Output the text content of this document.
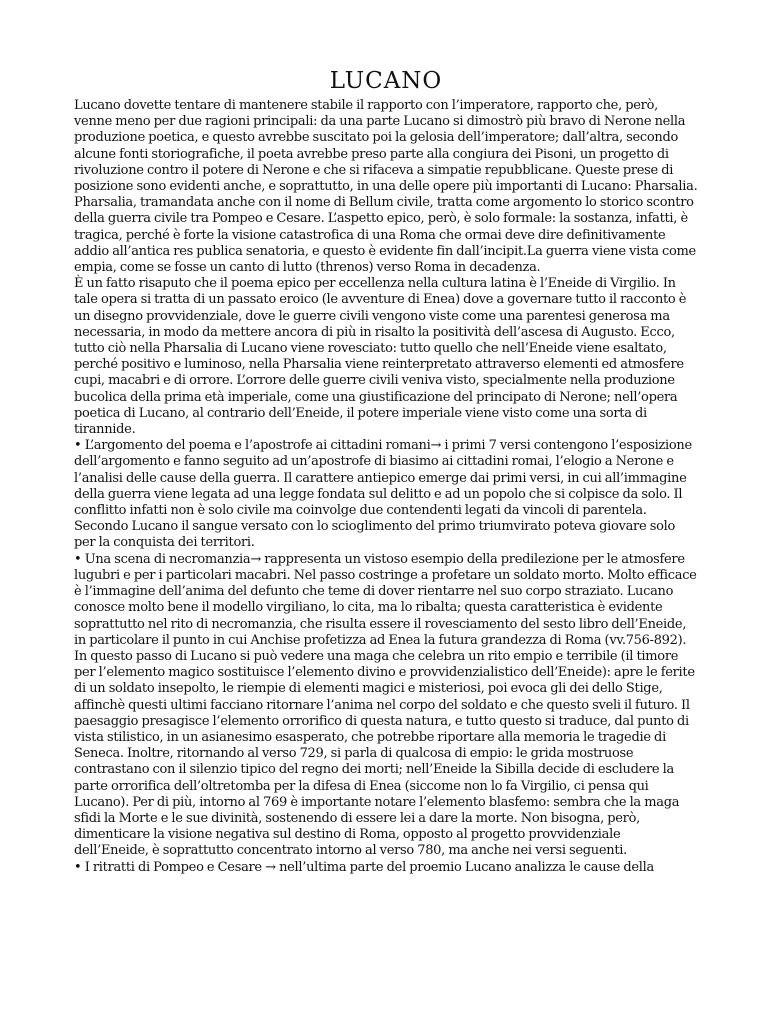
LUCANO

Lucano dovette tentare di mantenere stabile il rapporto con l’imperatore, rapporto che, però, venne meno per due ragioni principali: da una parte Lucano si dimostrò più bravo di Nerone nella produzione poetica, e questo avrebbe suscitato poi la gelosia dell’imperatore; dall’altra, secondo alcune fonti storiografiche, il poeta avrebbe preso parte alla congiura dei Pisoni, un progetto di rivoluzione contro il potere di Nerone e che si rifaceva a simpatie repubblicane. Queste prese di posizione sono evidenti anche, e soprattutto, in una delle opere più importanti di Lucano: Pharsalia.

Pharsalia, tramandata anche con il nome di Bellum civile, tratta come argomento lo storico scontro della guerra civile tra Pompeo e Cesare. L’aspetto epico, però, è solo formale: la sostanza, infatti, è tragica, perché è forte la visione catastrofica di una Roma che ormai deve dire definitivamente addio all’antica res publica senatoria, e questo è evidente fin dall’incipit.La guerra viene vista come empia, come se fosse un canto di lutto (threnos) verso Roma in decadenza.

È un fatto risaputo che il poema epico per eccellenza nella cultura latina è l’Eneide di Virgilio. In tale opera si tratta di un passato eroico (le avventure di Enea) dove a governare tutto il racconto è un disegno provvidenziale, dove le guerre civili vengono viste come una parentesi generosa ma necessaria, in modo da mettere ancora di più in risalto la positività dell’ascesa di Augusto. Ecco, tutto ciò nella Pharsalia di Lucano viene rovesciato: tutto quello che nell’Eneide viene esaltato, perché positivo e luminoso, nella Pharsalia viene reinterpretato attraverso elementi ed atmosfere cupi, macabri e di orrore. L’orrore delle guerre civili veniva visto, specialmente nella produzione bucolica della prima età imperiale, come una giustificazione del principato di Nerone; nell’opera poetica di Lucano, al contrario dell’Eneide, il potere imperiale viene visto come una sorta di tirannide.

• L’argomento del poema e l’apostrofe ai cittadini romani→ i primi 7 versi contengono l’esposizione dell’argomento e fanno seguito ad un’apostrofe di biasimo ai cittadini romai, l’elogio a Nerone e l’analisi delle cause della guerra. Il carattere antiepico emerge dai primi versi, in cui all’immagine della guerra viene legata ad una legge fondata sul delitto e ad un popolo che si colpisce da solo. Il conflitto infatti non è solo civile ma coinvolge due contendenti legati da vincoli di parentela. Secondo Lucano il sangue versato con lo scioglimento del primo triumvirato poteva giovare solo per la conquista dei territori.

• Una scena di necromanzia→ rappresenta un vistoso esempio della predilezione per le atmosfere lugubri e per i particolari macabri. Nel passo costringe a profetare un soldato morto. Molto efficace è l’immagine dell’anima del defunto che teme di dover rientarre nel suo corpo straziato. Lucano conosce molto bene il modello virgiliano, lo cita, ma lo ribalta; questa caratteristica è evidente soprattutto nel rito di necromanzia, che risulta essere il rovesciamento del sesto libro dell’Eneide, in particolare il punto in cui Anchise profetizza ad Enea la futura grandezza di Roma (vv.756-892). In questo passo di Lucano si può vedere una maga che celebra un rito empio e terribile (il timore per l’elemento magico sostituisce l’elemento divino e provvidenzialistico dell’Eneide): apre le ferite di un soldato insepolto, le riempie di elementi magici e misteriosi, poi evoca gli dei dello Stige, affinchè questi ultimi facciano ritornare l’anima nel corpo del soldato e che questo sveli il futuro. Il paesaggio presagisce l’elemento orrorifico di questa natura, e tutto questo si traduce, dal punto di vista stilistico, in un asianesimo esasperato, che potrebbe riportare alla memoria le tragedie di Seneca. Inoltre, ritornando al verso 729, si parla di qualcosa di empio: le grida mostruose contrastano con il silenzio tipico del regno dei morti; nell’Eneide la Sibilla decide di escludere la parte orrorifica dell’oltretomba per la difesa di Enea (siccome non lo fa Virgilio, ci pensa qui Lucano). Per di più, intorno al 769 è importante notare l’elemento blasfemo: sembra che la maga sfidi la Morte e le sue divinità, sostenendo di essere lei a dare la morte. Non bisogna, però, dimenticare la visione negativa sul destino di Roma, opposto al progetto provvidenziale dell’Eneide, è soprattutto concentrato intorno al verso 780, ma anche nei versi seguenti.

• I ritratti di Pompeo e Cesare → nell’ultima parte del proemio Lucano analizza le cause della
